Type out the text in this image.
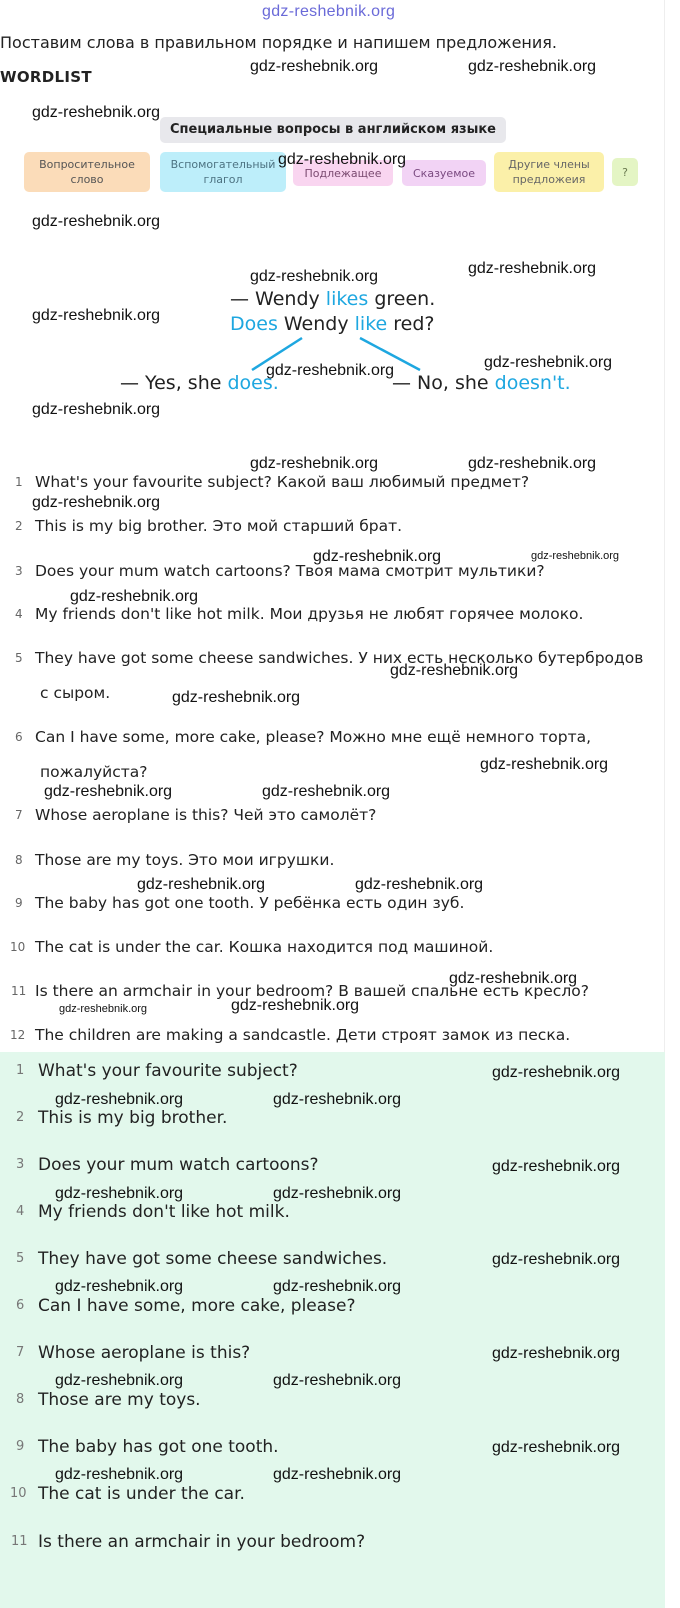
gdz-reshebnik.org
Поставим слова в правильном порядке и напишем предложения.
WORDLIST
Специальные вопросы в английском языке
Вопросительное слово
Вспомогательный глагол	Подлежащее	Сказуемое
Другие члены предложеия
?
— Wendy likes green.
Does Wendy like red?
— Yes, she does.	— No, she doesn't.
1 What's your favourite subject? Какой ваш любимый предмет?
2 This is my big brother. Это мой старший брат.
3 Does your mum watch cartoons? Твоя мама смотрит мультики?
4 My friends don't like hot milk. Мои друзья не любят горячее молоко.
5 They have got some cheese sandwiches. У них есть несколько бутербродов
с сыром.
6 Can I have some, more cake, please? Можно мне ещё немного торта,
пожалуйста?
7 Whose aeroplane is this? Чей это самолёт?
8 Those are my toys. Это мои игрушки.
9 The baby has got one tooth. У ребёнка есть один зуб.
10 The cat is under the car. Кошка находится под машиной.
11 Is there an armchair in your bedroom? В вашей спальне есть кресло?
12 The children are making a sandcastle. Дети строят замок из песка.
1 What's your favourite subject?
2 This is my big brother.
3 Does your mum watch cartoons?
4 My friends don't like hot milk.
5 They have got some cheese sandwiches.
6 Can I have some, more cake, please?
7 Whose aeroplane is this?
8 Those are my toys.
9 The baby has got one tooth.
10 The cat is under the car.
11 Is there an armchair in your bedroom?
gdz-reshebnik.org	gdz-reshebnik.org
gdz-reshebnik.org
gdz-reshebnik.org
gdz-reshebnik.org
gdz-reshebnik.org	gdz-reshebnik.org
gdz-reshebnik.org
gdz-reshebnik.org
gdz-reshebnik.org
gdz-reshebnik.org
gdz-reshebnik.org	gdz-reshebnik.org
gdz-reshebnik.org
gdz-reshebnik.org	gdz-reshebnik.org
gdz-reshebnik.org
gdz-reshebnik.org
gdz-reshebnik.org
gdz-reshebnik.org
gdz-reshebnik.org	gdz-reshebnik.org
gdz-reshebnik.org	gdz-reshebnik.org
gdz-reshebnik.org
gdz-reshebnik.org	gdz-reshebnik.org
gdz-reshebnik.org
gdz-reshebnik.org	gdz-reshebnik.org
gdz-reshebnik.org
gdz-reshebnik.org	gdz-reshebnik.org
gdz-reshebnik.org
gdz-reshebnik.org	gdz-reshebnik.org
gdz-reshebnik.org
gdz-reshebnik.org	gdz-reshebnik.org
gdz-reshebnik.org
gdz-reshebnik.org	gdz-reshebnik.org
